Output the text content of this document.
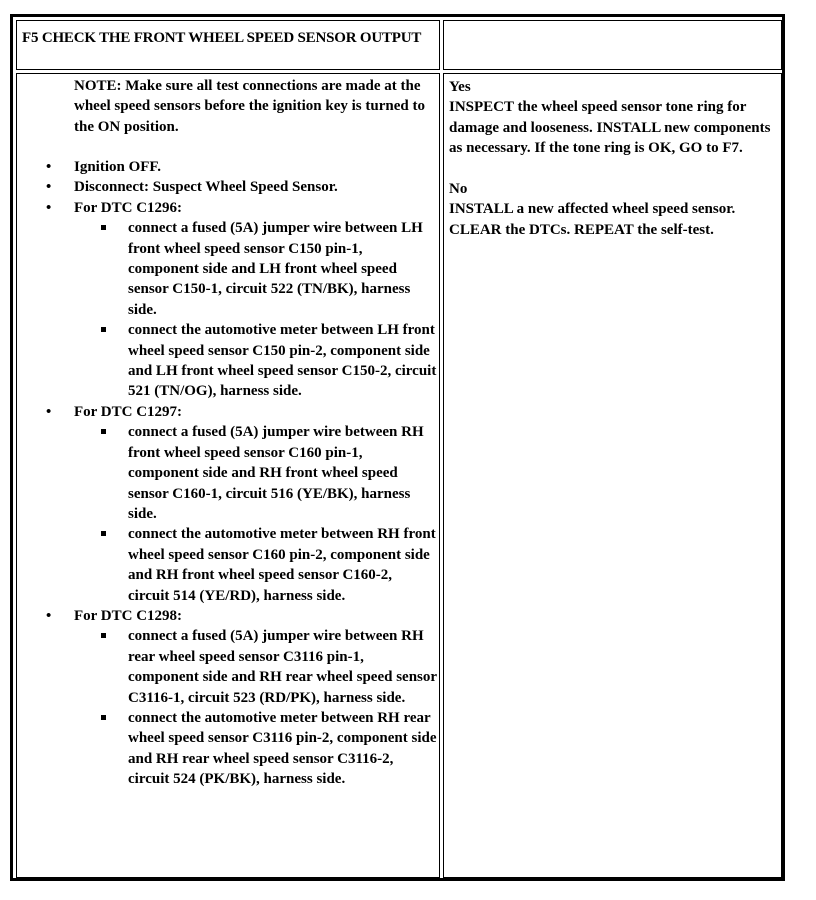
F5 CHECK THE FRONT WHEEL SPEED SENSOR OUTPUT
NOTE: Make sure all test connections are made at the wheel speed sensors before the ignition key is turned to the ON position.
• Ignition OFF.
• Disconnect: Suspect Wheel Speed Sensor.
• For DTC C1296:
connect a fused (5A) jumper wire between LH front wheel speed sensor C150 pin-1, component side and LH front wheel speed sensor C150-1, circuit 522 (TN/BK), harness side.
connect the automotive meter between LH front wheel speed sensor C150 pin-2, component side and LH front wheel speed sensor C150-2, circuit 521 (TN/OG), harness side.
• For DTC C1297:
connect a fused (5A) jumper wire between RH front wheel speed sensor C160 pin-1, component side and RH front wheel speed sensor C160-1, circuit 516 (YE/BK), harness side.
connect the automotive meter between RH front wheel speed sensor C160 pin-2, component side and RH front wheel speed sensor C160-2, circuit 514 (YE/RD), harness side.
• For DTC C1298:
connect a fused (5A) jumper wire between RH rear wheel speed sensor C3116 pin-1, component side and RH rear wheel speed sensor C3116-1, circuit 523 (RD/PK), harness side.
connect the automotive meter between RH rear wheel speed sensor C3116 pin-2, component side and RH rear wheel speed sensor C3116-2, circuit 524 (PK/BK), harness side.

Yes

INSPECT the wheel speed sensor tone ring for damage and looseness. INSTALL new components as necessary. If the tone ring is OK, GO to F7.

No

INSTALL a new affected wheel speed sensor. CLEAR the DTCs. REPEAT the self-test.
